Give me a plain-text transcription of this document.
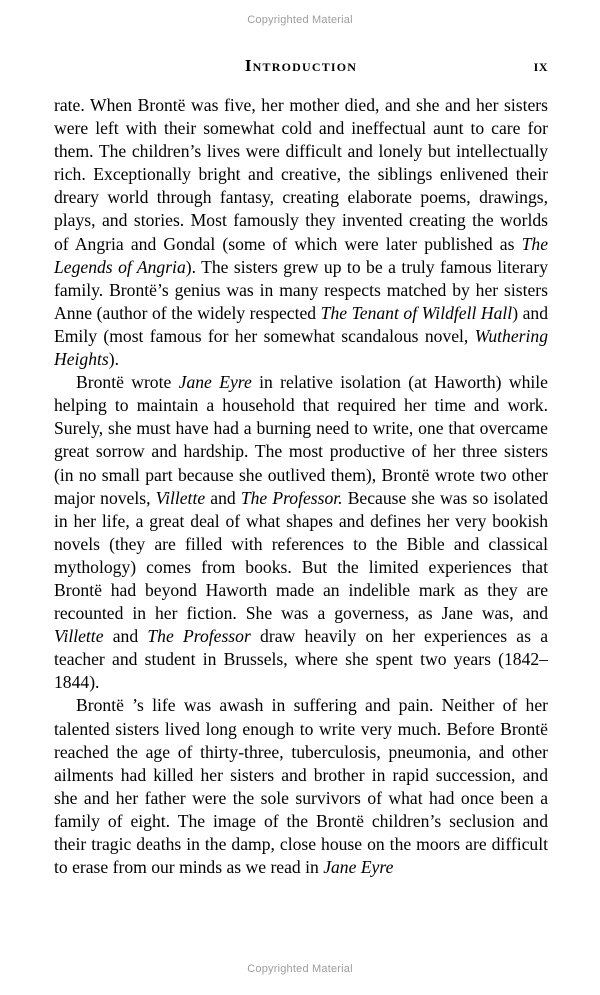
Copyrighted Material
Introduction	ix

rate. When Brontë was five, her mother died, and she and her sisters were left with their somewhat cold and ineffectual aunt to care for them. The children’s lives were difficult and lonely but intellectually rich. Exceptionally bright and creative, the siblings enlivened their dreary world through fantasy, creating elaborate poems, drawings, plays, and stories. Most famously they invented creating the worlds of Angria and Gondal (some of which were later published as The Legends of Angria). The sisters grew up to be a truly famous literary family. Brontë’s genius was in many respects matched by her sisters Anne (author of the widely respected The Tenant of Wildfell Hall) and Emily (most famous for her somewhat scandalous novel, Wuthering Heights).

Brontë wrote Jane Eyre in relative isolation (at Haworth) while helping to maintain a household that required her time and work. Surely, she must have had a burning need to write, one that overcame great sorrow and hardship. The most productive of her three sisters (in no small part because she outlived them), Brontë wrote two other major novels, Villette and The Professor. Because she was so isolated in her life, a great deal of what shapes and defines her very bookish novels (they are filled with references to the Bible and classical mythology) comes from books. But the limited experiences that Brontë had beyond Haworth made an indelible mark as they are recounted in her fiction. She was a governess, as Jane was, and Villette and The Professor draw heavily on her experiences as a teacher and student in Brussels, where she spent two years (1842–1844).

Brontë ’s life was awash in suffering and pain. Neither of her talented sisters lived long enough to write very much. Before Brontë reached the age of thirty-three, tuberculosis, pneumonia, and other ailments had killed her sisters and brother in rapid succession, and she and her father were the sole survivors of what had once been a family of eight. The image of the Brontë children’s seclusion and their tragic deaths in the damp, close house on the moors are difficult to erase from our minds as we read in Jane Eyre

Copyrighted Material
